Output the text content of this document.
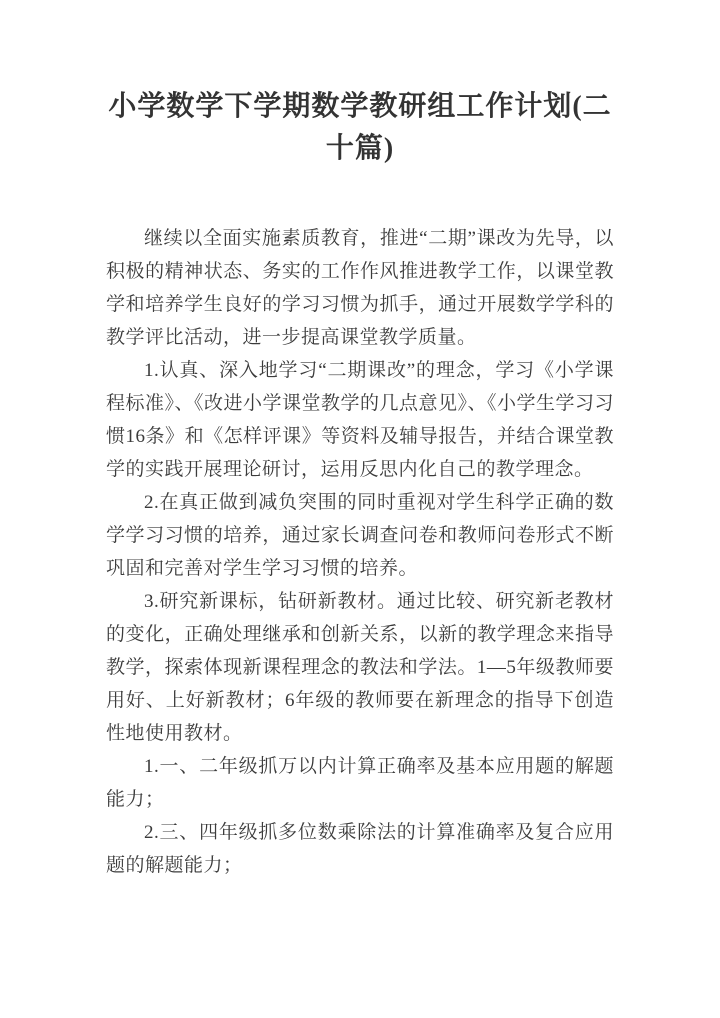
小学数学下学期数学教研组工作计划(二十篇)

继续以全面实施素质教育，推进“二期”课改为先导，以积极的精神状态、务实的工作作风推进教学工作，以课堂教学和培养学生良好的学习习惯为抓手，通过开展数学学科的教学评比活动，进一步提高课堂教学质量。

1.认真、深入地学习“二期课改”的理念，学习《小学课程标准》、《改进小学课堂教学的几点意见》、《小学生学习习惯16条》和《怎样评课》等资料及辅导报告，并结合课堂教学的实践开展理论研讨，运用反思内化自己的教学理念。

2.在真正做到减负突围的同时重视对学生科学正确的数学学习习惯的培养，通过家长调查问卷和教师问卷形式不断巩固和完善对学生学习习惯的培养。

3.研究新课标，钻研新教材。通过比较、研究新老教材的变化，正确处理继承和创新关系，以新的教学理念来指导教学，探索体现新课程理念的教法和学法。1—5年级教师要用好、上好新教材；6年级的教师要在新理念的指导下创造性地使用教材。

1.一、二年级抓万以内计算正确率及基本应用题的解题能力；

2.三、四年级抓多位数乘除法的计算准确率及复合应用题的解题能力；
